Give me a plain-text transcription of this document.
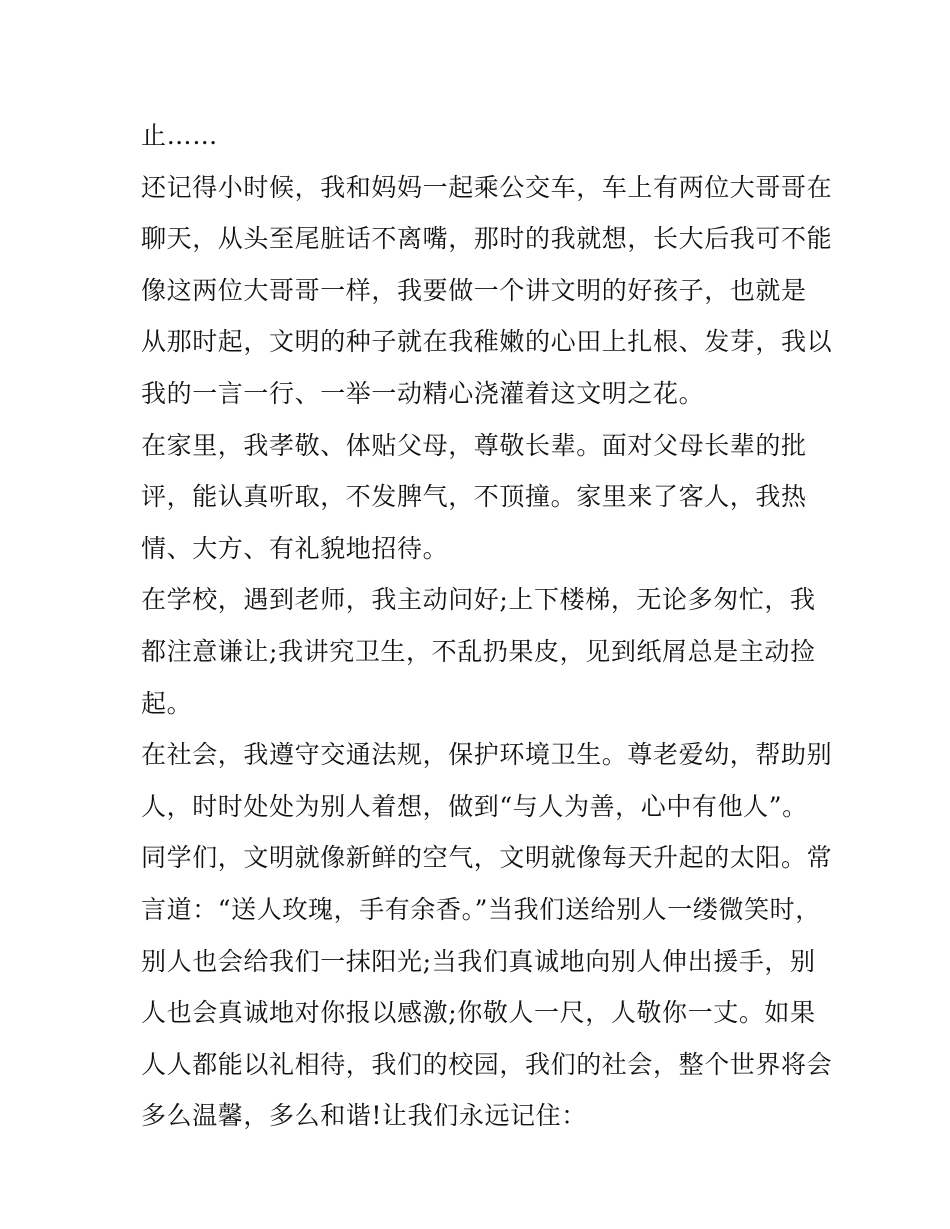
止……
还记得小时候，我和妈妈一起乘公交车，车上有两位大哥哥在
聊天，从头至尾脏话不离嘴，那时的我就想，长大后我可不能
像这两位大哥哥一样，我要做一个讲文明的好孩子，也就是
从那时起，文明的种子就在我稚嫩的心田上扎根、发芽，我以
我的一言一行、一举一动精心浇灌着这文明之花。
在家里，我孝敬、体贴父母，尊敬长辈。面对父母长辈的批
评，能认真听取，不发脾气，不顶撞。家里来了客人，我热
情、大方、有礼貌地招待。
在学校，遇到老师，我主动问好;上下楼梯，无论多匆忙，我
都注意谦让;我讲究卫生，不乱扔果皮，见到纸屑总是主动捡
起。
在社会，我遵守交通法规，保护环境卫生。尊老爱幼，帮助别
人，时时处处为别人着想，做到“与人为善，心中有他人”。
同学们，文明就像新鲜的空气，文明就像每天升起的太阳。常
言道：“送人玫瑰，手有余香。”当我们送给别人一缕微笑时，
别人也会给我们一抹阳光;当我们真诚地向别人伸出援手，别
人也会真诚地对你报以感激;你敬人一尺，人敬你一丈。如果
人人都能以礼相待，我们的校园，我们的社会，整个世界将会
多么温馨，多么和谐!让我们永远记住：
